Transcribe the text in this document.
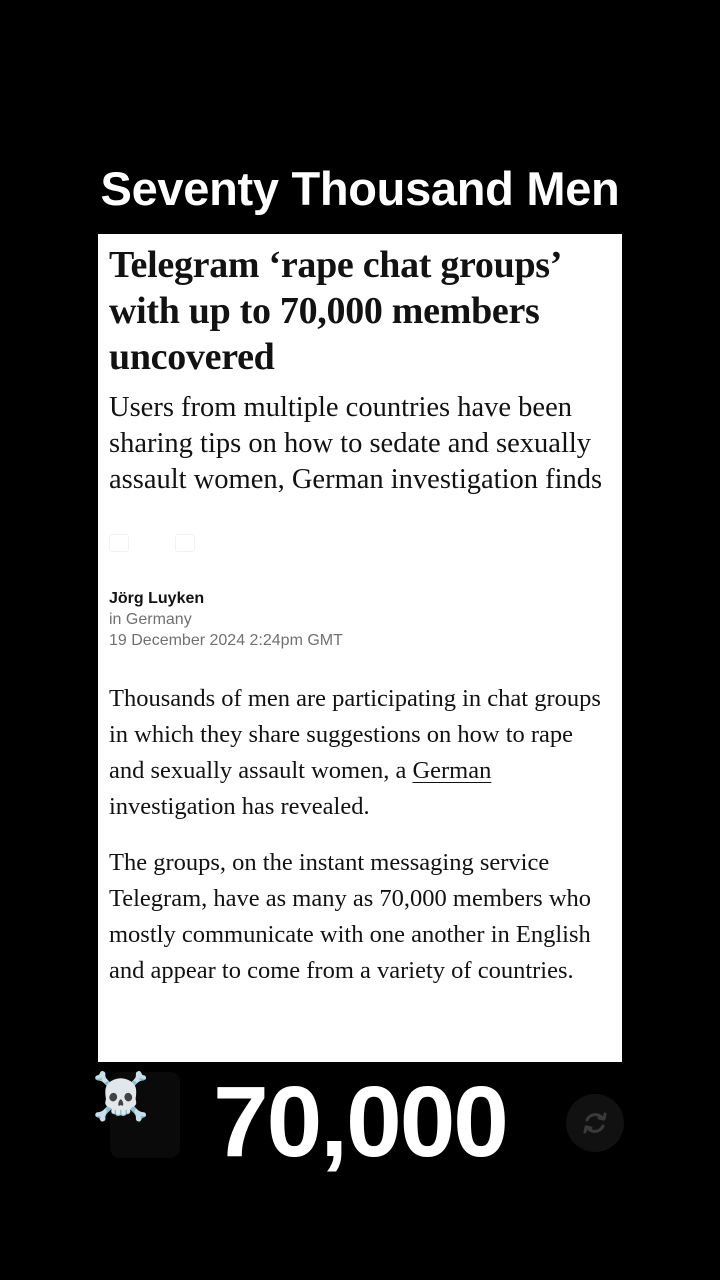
Seventy Thousand Men
Telegram ‘rape chat groups’ with up to 70,000 members uncovered

Users from multiple countries have been sharing tips on how to sedate and sexually assault women, German investigation finds

Jörg Luyken
in Germany
19 December 2024 2:24pm GMT

Thousands of men are participating in chat groups in which they share suggestions on how to rape and sexually assault women, a German investigation has revealed.

The groups, on the instant messaging service Telegram, have as many as 70,000 members who mostly communicate with one another in English and appear to come from a variety of countries.

☠️ 70,000
